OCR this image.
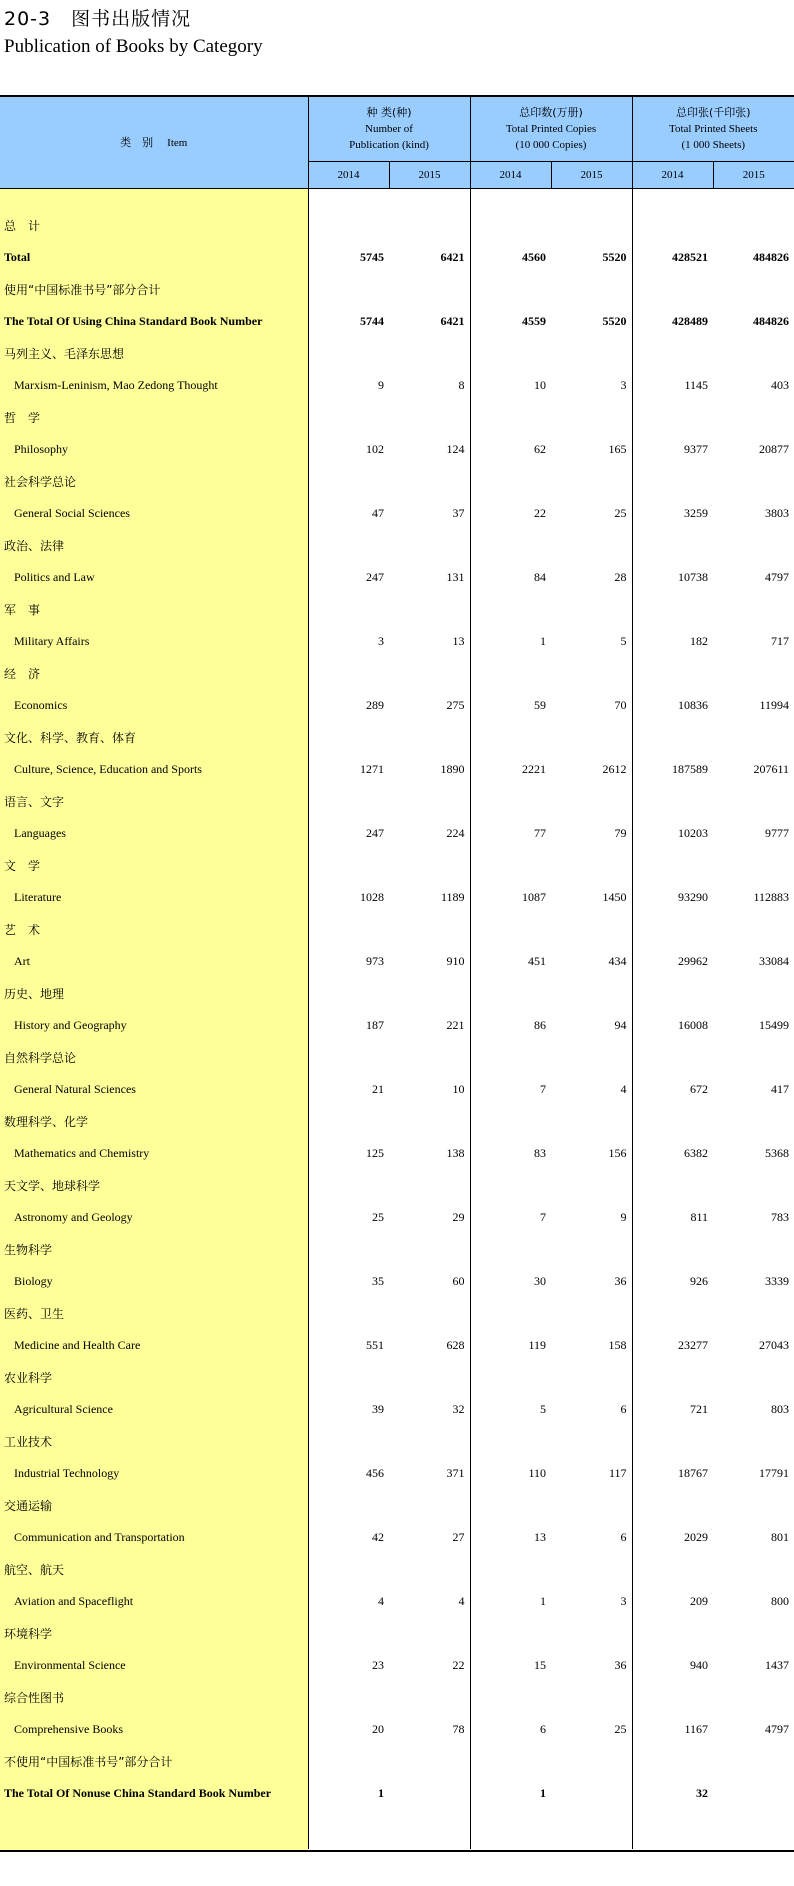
20-3　图书出版情况
Publication of Books by Category
类　别 Item	种 类(种)
Number of
Publication (kind)		总印数(万册)
Total Printed Copies
(10 000 Copies)		总印张(千印张)
Total Printed Sheets
(1 000 Sheets)	

	2014	2015	2014	2015	2014	2015

总　计						
Total	5745	6421	4560	5520	428521	484826
使用“中国标准书号”部分合计						
The Total Of Using China Standard Book Number	5744	6421	4559	5520	428489	484826
马列主义、毛泽东思想						
Marxism-Leninism, Mao Zedong Thought	9	8	10	3	1145	403
哲　学						
Philosophy	102	124	62	165	9377	20877
社会科学总论						
General Social Sciences	47	37	22	25	3259	3803
政治、法律						
Politics and Law	247	131	84	28	10738	4797
军　事						
Military Affairs	3	13	1	5	182	717
经　济						
Economics	289	275	59	70	10836	11994
文化、科学、教育、体育						
Culture, Science, Education and Sports	1271	1890	2221	2612	187589	207611
语言、文字						
Languages	247	224	77	79	10203	9777
文　学						
Literature	1028	1189	1087	1450	93290	112883
艺　术						
Art	973	910	451	434	29962	33084
历史、地理						
History and Geography	187	221	86	94	16008	15499
自然科学总论						
General Natural Sciences	21	10	7	4	672	417
数理科学、化学						
Mathematics and Chemistry	125	138	83	156	6382	5368
天文学、地球科学						
Astronomy and Geology	25	29	7	9	811	783
生物科学						
Biology	35	60	30	36	926	3339
医药、卫生						
Medicine and Health Care	551	628	119	158	23277	27043
农业科学						
Agricultural Science	39	32	5	6	721	803
工业技术						
Industrial Technology	456	371	110	117	18767	17791
交通运输						
Communication and Transportation	42	27	13	6	2029	801
航空、航天						
Aviation and Spaceflight	4	4	1	3	209	800
环境科学						
Environmental Science	23	22	15	36	940	1437
综合性图书						
Comprehensive Books	20	78	6	25	1167	4797
不使用“中国标准书号”部分合计						
The Total Of Nonuse China Standard Book Number	1		1		32	
